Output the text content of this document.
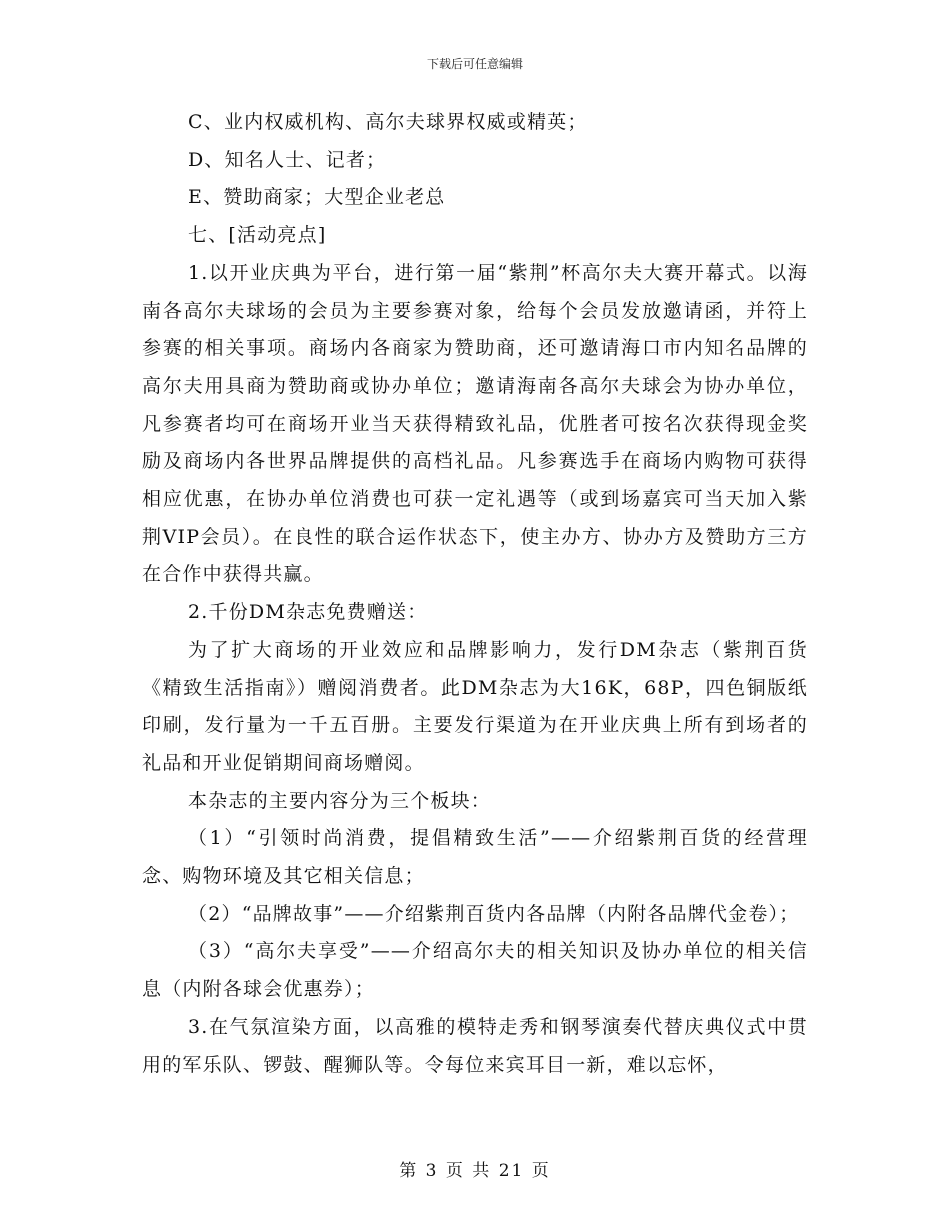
下载后可任意编辑

C、业内权威机构、高尔夫球界权威或精英；

D、知名人士、记者；

E、赞助商家；大型企业老总

七、[活动亮点]

1.以开业庆典为平台，进行第一届“紫荆”杯高尔夫大赛开幕式。以海南各高尔夫球场的会员为主要参赛对象，给每个会员发放邀请函，并符上参赛的相关事项。商场内各商家为赞助商，还可邀请海口市内知名品牌的高尔夫用具商为赞助商或协办单位；邀请海南各高尔夫球会为协办单位，凡参赛者均可在商场开业当天获得精致礼品，优胜者可按名次获得现金奖励及商场内各世界品牌提供的高档礼品。凡参赛选手在商场内购物可获得相应优惠，在协办单位消费也可获一定礼遇等（或到场嘉宾可当天加入紫荆VIP会员）。在良性的联合运作状态下，使主办方、协办方及赞助方三方在合作中获得共赢。

2.千份DM杂志免费赠送：

为了扩大商场的开业效应和品牌影响力，发行DM杂志（紫荆百货《精致生活指南》）赠阅消费者。此DM杂志为大16K，68P，四色铜版纸印刷，发行量为一千五百册。主要发行渠道为在开业庆典上所有到场者的礼品和开业促销期间商场赠阅。

本杂志的主要内容分为三个板块：

（1）“引领时尚消费，提倡精致生活”——介绍紫荆百货的经营理念、购物环境及其它相关信息；

（2）“品牌故事”——介绍紫荆百货内各品牌（内附各品牌代金卷）；

（3）“高尔夫享受”——介绍高尔夫的相关知识及协办单位的相关信息（内附各球会优惠券）；

3.在气氛渲染方面，以高雅的模特走秀和钢琴演奏代替庆典仪式中贯用的军乐队、锣鼓、醒狮队等。令每位来宾耳目一新，难以忘怀，

第 3 页 共 21 页
